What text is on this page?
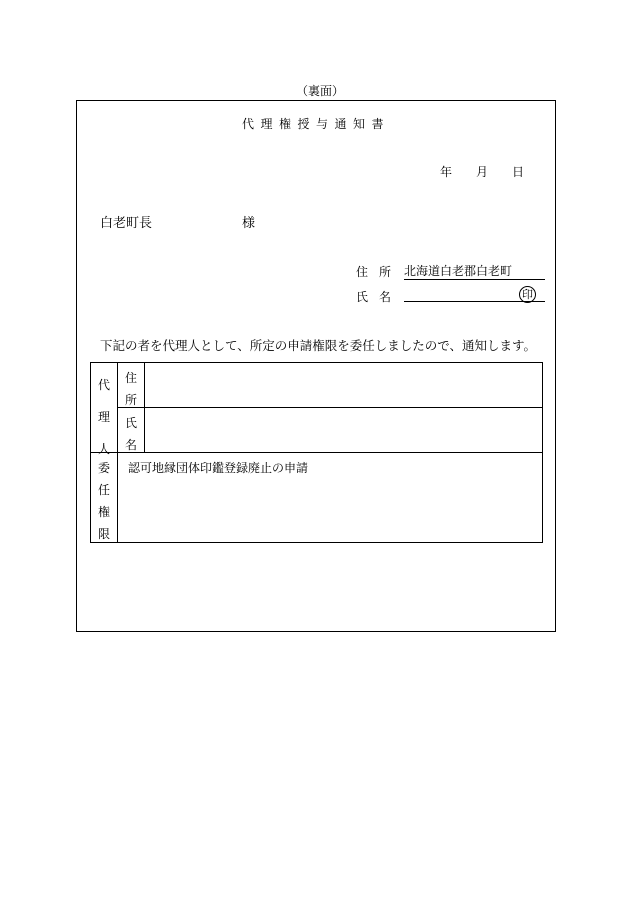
（裏面）
代理権授与通知書
年 月 日
白老町長	様
住所 北海道白老郡白老町
氏名	印
下記の者を代理人として、所定の申請権限を委任しましたので、通知します。
代理人
住所
氏名
委任権限
認可地縁団体印鑑登録廃止の申請
